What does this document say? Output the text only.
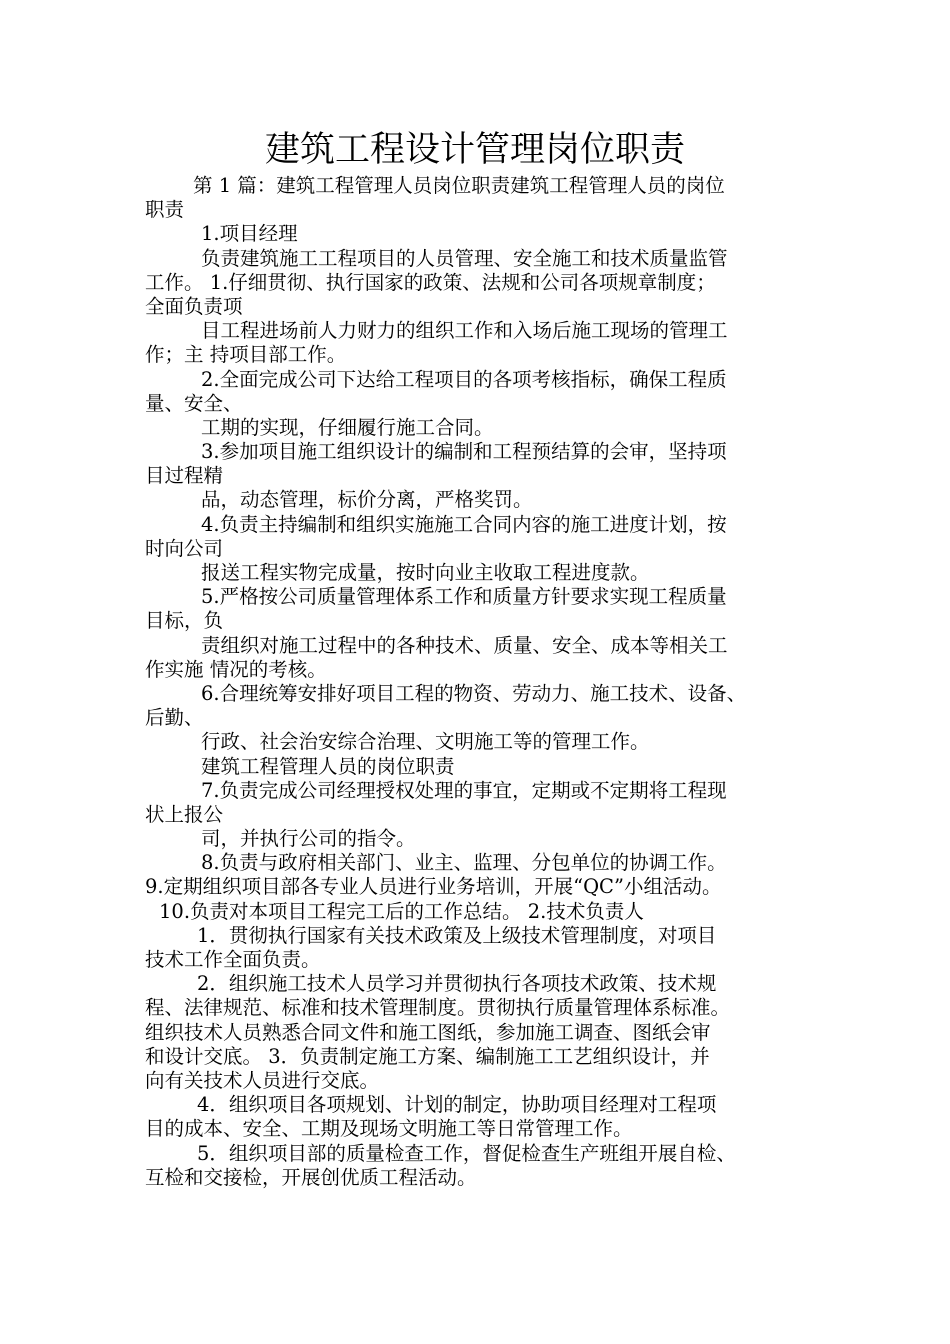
建筑工程设计管理岗位职责
第 1 篇：建筑工程管理人员岗位职责建筑工程管理人员的岗位
职责
1.项目经理
负责建筑施工工程项目的人员管理、安全施工和技术质量监管
工作。 1.仔细贯彻、执行国家的政策、法规和公司各项规章制度；
全面负责项
目工程进场前人力财力的组织工作和入场后施工现场的管理工
作；主 持项目部工作。
2.全面完成公司下达给工程项目的各项考核指标，确保工程质
量、安全、
工期的实现，仔细履行施工合同。
3.参加项目施工组织设计的编制和工程预结算的会审，坚持项
目过程精
品，动态管理，标价分离，严格奖罚。
4.负责主持编制和组织实施施工合同内容的施工进度计划，按
时向公司
报送工程实物完成量，按时向业主收取工程进度款。
5.严格按公司质量管理体系工作和质量方针要求实现工程质量
目标，负
责组织对施工过程中的各种技术、质量、安全、成本等相关工
作实施 情况的考核。
6.合理统筹安排好项目工程的物资、劳动力、施工技术、设备、
后勤、
行政、社会治安综合治理、文明施工等的管理工作。
建筑工程管理人员的岗位职责
7.负责完成公司经理授权处理的事宜，定期或不定期将工程现
状上报公
司，并执行公司的指令。
8.负责与政府相关部门、业主、监理、分包单位的协调工作。
9.定期组织项目部各专业人员进行业务培训，开展“QC”小组活动。
10.负责对本项目工程完工后的工作总结。 2.技术负责人
1．贯彻执行国家有关技术政策及上级技术管理制度，对项目
技术工作全面负责。
2．组织施工技术人员学习并贯彻执行各项技术政策、技术规
程、法律规范、标准和技术管理制度。贯彻执行质量管理体系标准。
组织技术人员熟悉合同文件和施工图纸，参加施工调查、图纸会审
和设计交底。 3．负责制定施工方案、编制施工工艺组织设计，并
向有关技术人员进行交底。
4．组织项目各项规划、计划的制定，协助项目经理对工程项
目的成本、安全、工期及现场文明施工等日常管理工作。
5．组织项目部的质量检查工作，督促检查生产班组开展自检、
互检和交接检，开展创优质工程活动。
